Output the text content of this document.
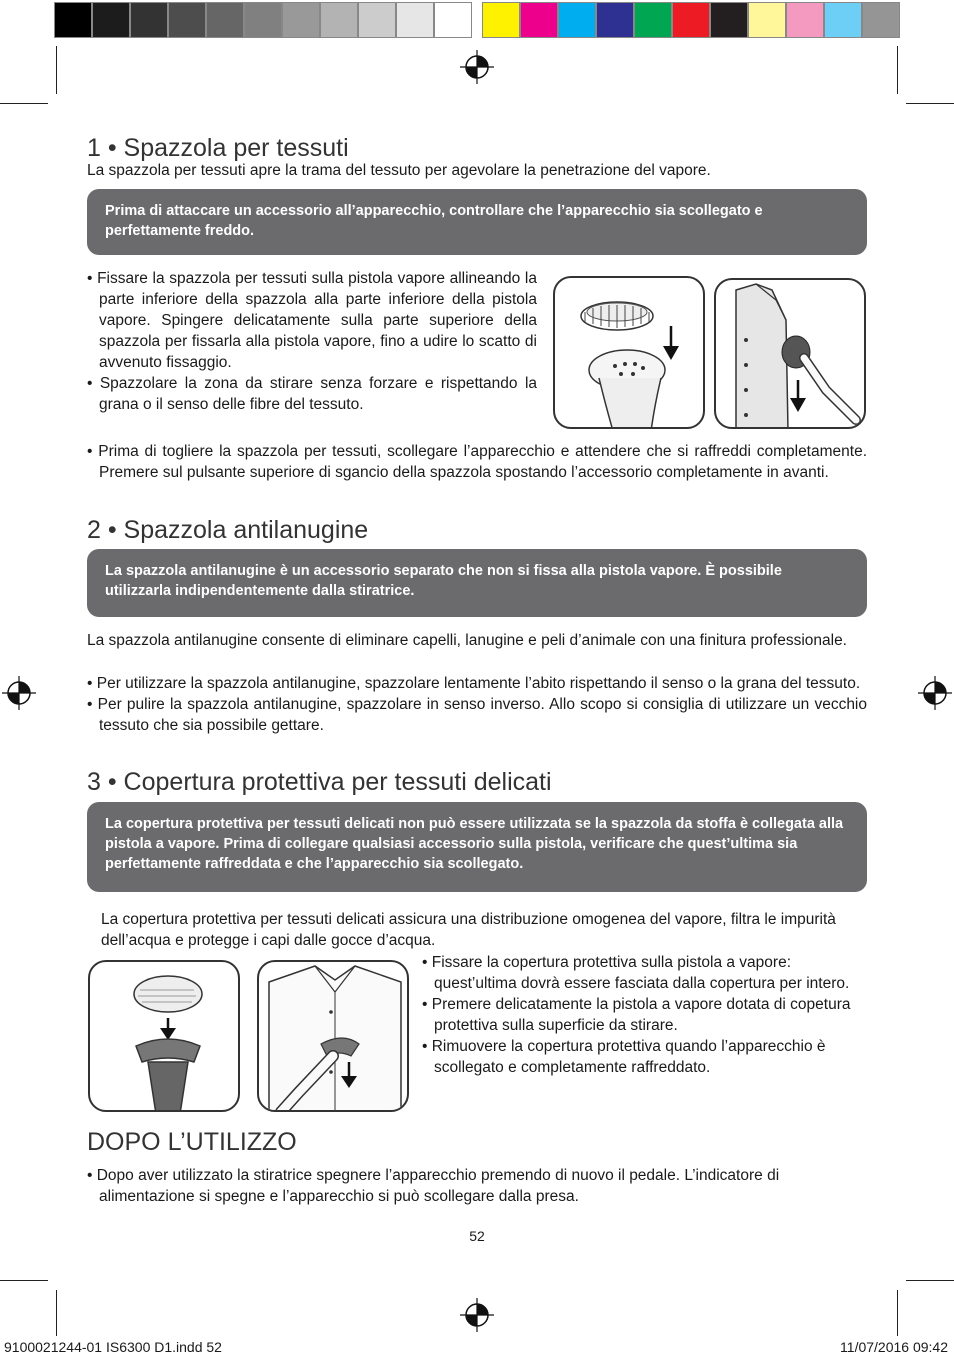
1 • Spazzola per tessuti

La spazzola per tessuti apre la trama del tessuto per agevolare la penetrazione del vapore.

Prima di attaccare un accessorio all’apparecchio, controllare che l’apparecchio sia scollegato e perfettamente freddo.
• Fissare la spazzola per tessuti sulla pistola vapore allineando la parte inferiore della spazzola alla parte inferiore della pistola vapore. Spingere delicatamente sulla parte superiore della spazzola per fissarla alla pistola vapore, fino a udire lo scatto di avvenuto fissaggio.
• Spazzolare la zona da stirare senza forzare e rispettando la grana o il senso delle fibre del tessuto.
• Prima di togliere la spazzola per tessuti, scollegare l’apparecchio e attendere che si raffreddi completamente. Premere sul pulsante superiore di sgancio della spazzola spostando l’accessorio completamente in avanti.
2 • Spazzola antilanugine
La spazzola antilanugine è un accessorio separato che non si fissa alla pistola vapore. È possibile utilizzarla indipendentemente dalla stiratrice.

La spazzola antilanugine consente di eliminare capelli, lanugine e peli d’animale con una finitura professionale.

• Per utilizzare la spazzola antilanugine, spazzolare lentamente l’abito rispettando il senso o la grana del tessuto.
• Per pulire la spazzola antilanugine, spazzolare in senso inverso. Allo scopo si consiglia di utilizzare un vecchio tessuto che sia possibile gettare.
3 • Copertura protettiva per tessuti delicati
La copertura protettiva per tessuti delicati non può essere utilizzata se la spazzola da stoffa è collegata alla pistola a vapore. Prima di collegare qualsiasi accessorio sulla pistola, verificare che quest’ultima sia perfettamente raffreddata e che l’apparecchio sia scollegato.

La copertura protettiva per tessuti delicati assicura una distribuzione omogenea del vapore, filtra le impurità dell’acqua e protegge i capi dalle gocce d’acqua.

• Fissare la copertura protettiva sulla pistola a vapore: quest’ultima dovrà essere fasciata dalla copertura per intero.
• Premere delicatamente la pistola a vapore dotata di copetura protettiva sulla superficie da stirare.
• Rimuovere la copertura protettiva quando l’apparecchio è scollegato e completamente raffreddato.
DOPO L’UTILIZZO
• Dopo aver utilizzato la stiratrice spegnere l’apparecchio premendo di nuovo il pedale. L’indicatore di alimentazione si spegne e l’apparecchio si può scollegare dalla presa.
52
9100021244-01 IS6300 D1.indd 52	11/07/2016 09:42
